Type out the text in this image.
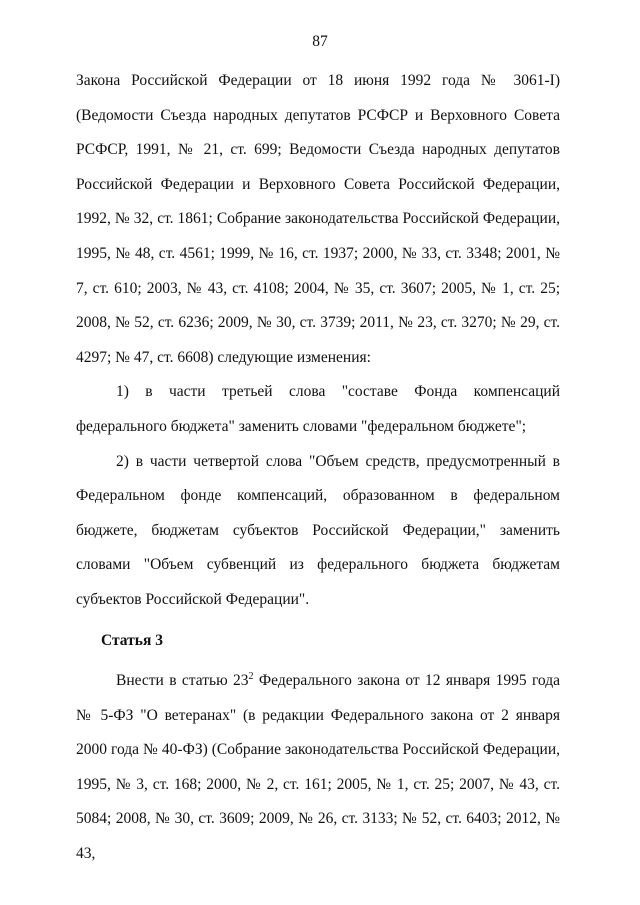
87

Закона Российской Федерации от 18 июня 1992 года № 3061-I) (Ведомости Съезда народных депутатов РСФСР и Верховного Совета РСФСР, 1991, № 21, ст. 699; Ведомости Съезда народных депутатов Российской Федерации и Верховного Совета Российской Федерации, 1992, № 32, ст. 1861; Собрание законодательства Российской Федерации, 1995, № 48, ст. 4561; 1999, № 16, ст. 1937; 2000, № 33, ст. 3348; 2001, № 7, ст. 610; 2003, № 43, ст. 4108; 2004, № 35, ст. 3607; 2005, № 1, ст. 25; 2008, № 52, ст. 6236; 2009, № 30, ст. 3739; 2011, № 23, ст. 3270; № 29, ст. 4297; № 47, ст. 6608) следующие изменения:

1) в части третьей слова "составе Фонда компенсаций федерального бюджета" заменить словами "федеральном бюджете";

2) в части четвертой слова "Объем средств, предусмотренный в Федеральном фонде компенсаций, образованном в федеральном бюджете, бюджетам субъектов Российской Федерации," заменить словами "Объем субвенций из федерального бюджета бюджетам субъектов Российской Федерации".

Статья 3

Внести в статью $23^2$ Федерального закона от 12 января 1995 года № 5-ФЗ "О ветеранах" (в редакции Федерального закона от 2 января 2000 года № 40-ФЗ) (Собрание законодательства Российской Федерации, 1995, № 3, ст. 168; 2000, № 2, ст. 161; 2005, № 1, ст. 25; 2007, № 43, ст. 5084; 2008, № 30, ст. 3609; 2009, № 26, ст. 3133; № 52, ст. 6403; 2012, № 43,
